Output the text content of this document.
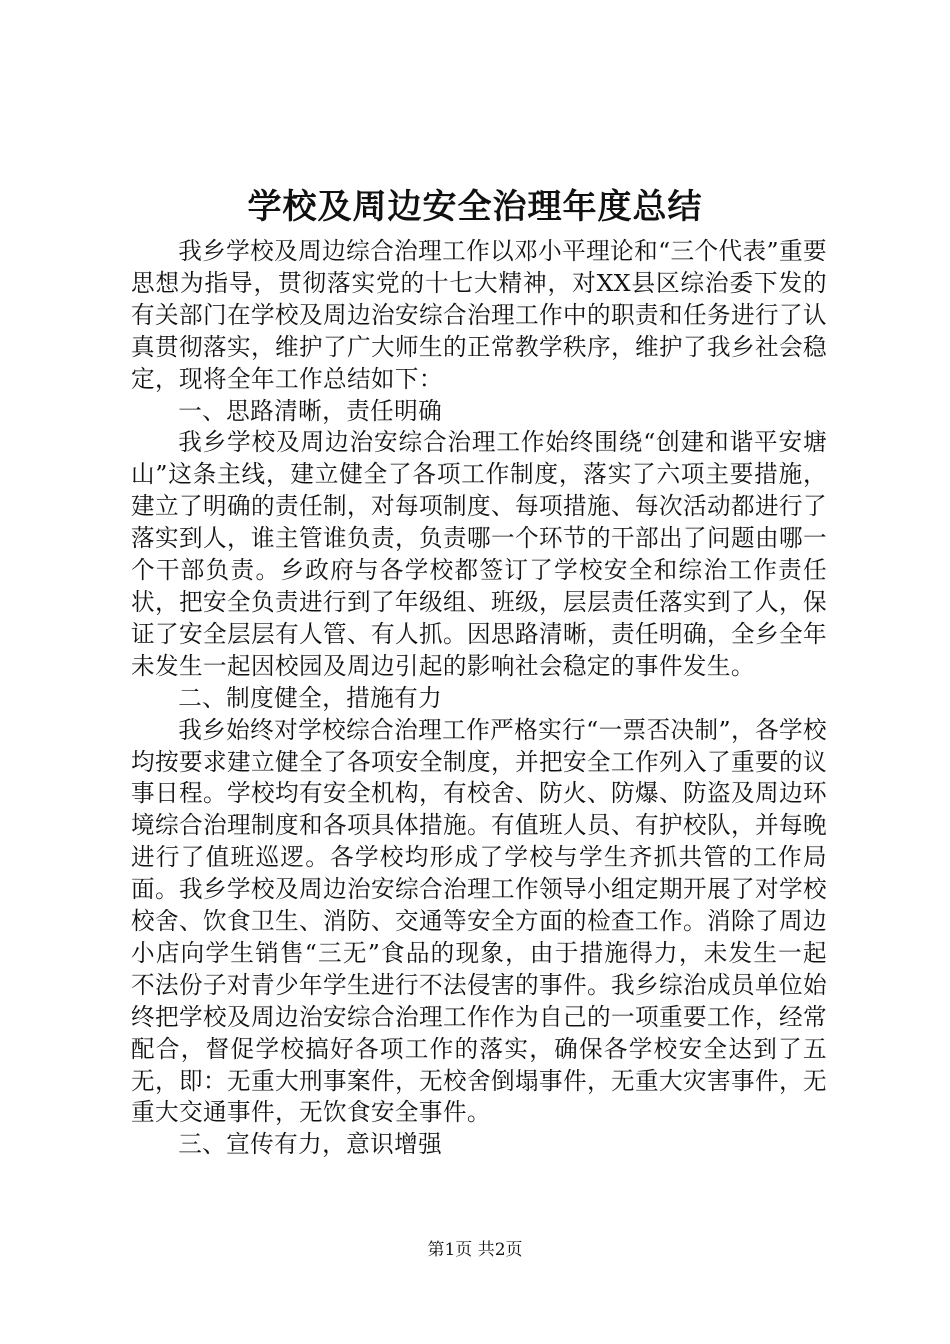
学校及周边安全治理年度总结

我乡学校及周边综合治理工作以邓小平理论和“三个代表”重要思想为指导，贯彻落实党的十七大精神，对XX县区综治委下发的有关部门在学校及周边治安综合治理工作中的职责和任务进行了认真贯彻落实，维护了广大师生的正常教学秩序，维护了我乡社会稳定，现将全年工作总结如下：

一、思路清晰，责任明确

我乡学校及周边治安综合治理工作始终围绕“创建和谐平安塘山”这条主线，建立健全了各项工作制度，落实了六项主要措施，建立了明确的责任制，对每项制度、每项措施、每次活动都进行了落实到人，谁主管谁负责，负责哪一个环节的干部出了问题由哪一个干部负责。乡政府与各学校都签订了学校安全和综治工作责任状，把安全负责进行到了年级组、班级，层层责任落实到了人，保证了安全层层有人管、有人抓。因思路清晰，责任明确，全乡全年未发生一起因校园及周边引起的影响社会稳定的事件发生。

二、制度健全，措施有力

我乡始终对学校综合治理工作严格实行“一票否决制”，各学校均按要求建立健全了各项安全制度，并把安全工作列入了重要的议事日程。学校均有安全机构，有校舍、防火、防爆、防盗及周边环境综合治理制度和各项具体措施。有值班人员、有护校队，并每晚进行了值班巡逻。各学校均形成了学校与学生齐抓共管的工作局面。我乡学校及周边治安综合治理工作领导小组定期开展了对学校校舍、饮食卫生、消防、交通等安全方面的检查工作。消除了周边小店向学生销售“三无”食品的现象，由于措施得力，未发生一起不法份子对青少年学生进行不法侵害的事件。我乡综治成员单位始终把学校及周边治安综合治理工作作为自己的一项重要工作，经常配合，督促学校搞好各项工作的落实，确保各学校安全达到了五无，即：无重大刑事案件，无校舍倒塌事件，无重大灾害事件，无重大交通事件，无饮食安全事件。

三、宣传有力，意识增强

第1页 共2页
